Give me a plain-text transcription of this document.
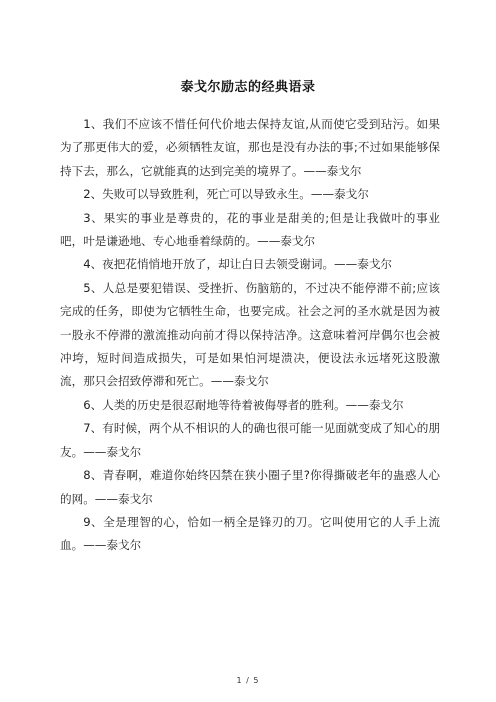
泰戈尔励志的经典语录

1、我们不应该不惜任何代价地去保持友谊,从而使它受到玷污。如果为了那更伟大的爱，必须牺牲友谊，那也是没有办法的事;不过如果能够保持下去，那么，它就能真的达到完美的境界了。——泰戈尔

2、失败可以导致胜利，死亡可以导致永生。——泰戈尔

3、果实的事业是尊贵的，花的事业是甜美的;但是让我做叶的事业吧，叶是谦逊地、专心地垂着绿荫的。——泰戈尔

4、夜把花悄悄地开放了，却让白日去领受谢词。——泰戈尔

5、人总是要犯错误、受挫折、伤脑筋的，不过决不能停滞不前;应该完成的任务，即使为它牺牲生命，也要完成。社会之河的圣水就是因为被一股永不停滞的激流推动向前才得以保持洁净。这意味着河岸偶尔也会被冲垮，短时间造成损失，可是如果怕河堤溃决，便设法永远堵死这股激流，那只会招致停滞和死亡。——泰戈尔

6、人类的历史是很忍耐地等待着被侮辱者的胜利。——泰戈尔

7、有时候，两个从不相识的人的确也很可能一见面就变成了知心的朋友。——泰戈尔

8、青春啊，难道你始终囚禁在狭小圈子里?你得撕破老年的蛊惑人心的网。——泰戈尔

9、全是理智的心，恰如一柄全是锋刃的刀。它叫使用它的人手上流血。——泰戈尔

1 / 5
